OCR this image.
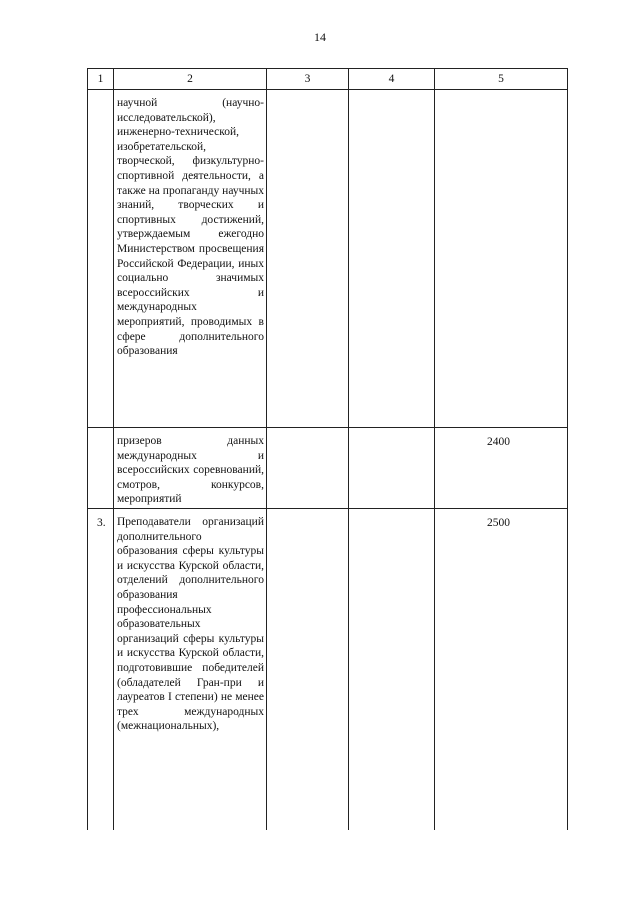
14
1	2	3	4	5

	научной (научно-исследовательской), инженерно-технической, изобретательской, творческой, физкультурно-спортивной деятельности, а также на пропаганду научных знаний, творческих и спортивных достижений, утверждаемым ежегодно Министерством просвещения Российской Федерации, иных социально значимых всероссийских и международных мероприятий, проводимых в сфере дополнительного образования			

	призеров данных международных и всероссийских соревнований, смотров, конкурсов, мероприятий			2400

3.	Преподаватели организаций дополнительного образования сферы культуры и искусства Курской области, отделений дополнительного образования профессиональных образовательных организаций сферы культуры и искусства Курской области, подготовившие победителей (обладателей Гран-при и лауреатов I степени) не менее трех международных (межнациональных),			2500
